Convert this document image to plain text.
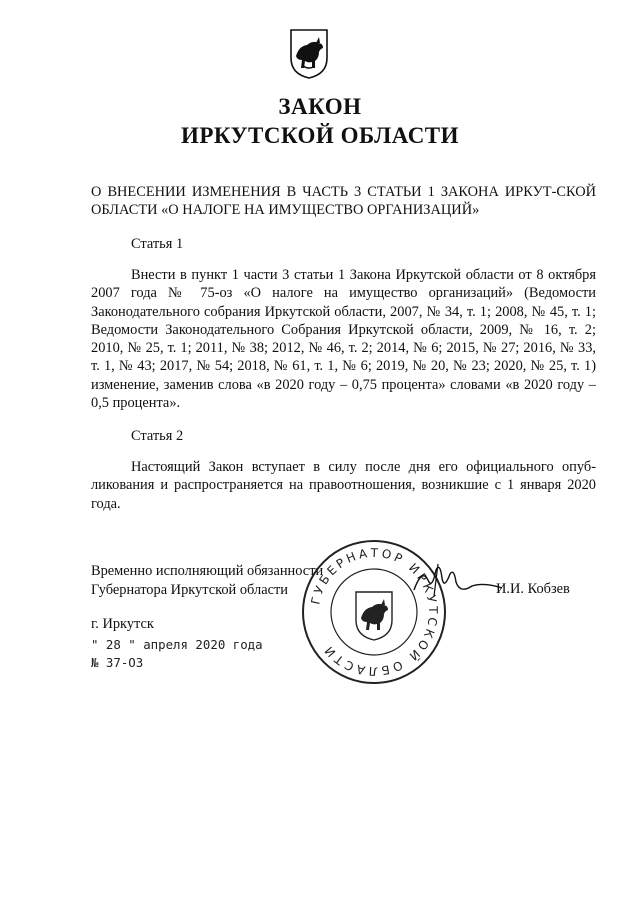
ЗАКОН
ИРКУТСКОЙ ОБЛАСТИ
О ВНЕСЕНИИ ИЗМЕНЕНИЯ В ЧАСТЬ 3 СТАТЬИ 1 ЗАКОНА ИРКУТ-СКОЙ ОБЛАСТИ «О НАЛОГЕ НА ИМУЩЕСТВО ОРГАНИЗАЦИЙ»
Статья 1
Внести в пункт 1 части 3 статьи 1 Закона Иркутской области от 8 октября 2007 года № 75-оз «О налоге на имущество организаций» (Ведомости Законодательного собрания Иркутской области, 2007, № 34, т. 1; 2008, № 45, т. 1; Ведомости Законодательного Собрания Иркутской области, 2009, № 16, т. 2; 2010, № 25, т. 1; 2011, № 38; 2012, № 46, т. 2; 2014, № 6; 2015, № 27; 2016, № 33, т. 1, № 43; 2017, № 54; 2018, № 61, т. 1, № 6; 2019, № 20, № 23; 2020, № 25, т. 1) изменение, заменив слова «в 2020 году – 0,75 процента» словами «в 2020 году – 0,5 процента».
Статья 2
Настоящий Закон вступает в силу после дня его официального опуб-ликования и распространяется на правоотношения, возникшие с 1 января 2020 года.
Временно исполняющий обязанности
Губернатора Иркутской области
ГУБЕРНАТОР ИРКУТСКОЙ ОБЛАСТИ
И.И. Кобзев
г. Иркутск
" 28 " апреля 2020 года
№ 37-ОЗ
